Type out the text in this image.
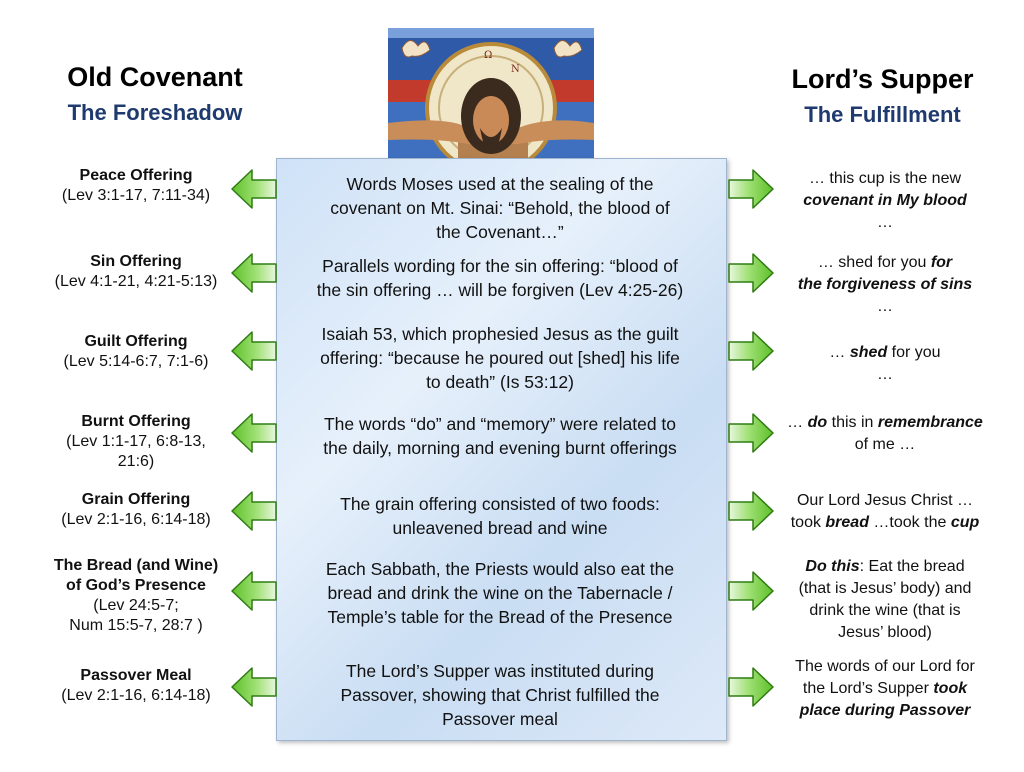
Old Covenant
The Foreshadow
Lord’s Supper
The Fulfillment
Ν
Ω
Peace Offering
(Lev 3:1-17, 7:11-34)
Words Moses used at the sealing of the
covenant on Mt. Sinai: “Behold, the blood of
the Covenant…”
… this cup is the new
covenant in My blood
…
Sin Offering
(Lev 4:1-21, 4:21-5:13)
Parallels wording for the sin offering: “blood of
the sin offering … will be forgiven (Lev 4:25-26)
… shed for you for
the forgiveness of sins
…
Guilt Offering
(Lev 5:14-6:7, 7:1-6)
Isaiah 53, which prophesied Jesus as the guilt
offering: “because he poured out [shed] his life
to death” (Is 53:12)
… shed for you
…
Burnt Offering
(Lev 1:1-17, 6:8-13,
21:6)
The words “do” and “memory” were related to
the daily, morning and evening burnt offerings
… do this in remembrance
of me …
Grain Offering
(Lev 2:1-16, 6:14-18)
The grain offering consisted of two foods:
unleavened bread and wine
Our Lord Jesus Christ …
took bread …took the cup
The Bread (and Wine)
of God’s Presence
(Lev 24:5-7;
Num 15:5-7, 28:7 )
Each Sabbath, the Priests would also eat the
bread and drink the wine on the Tabernacle /
Temple’s table for the Bread of the Presence
Do this: Eat the bread
(that is Jesus’ body) and
drink the wine (that is
Jesus’ blood)
Passover Meal
(Lev 2:1-16, 6:14-18)
The Lord’s Supper was instituted during
Passover, showing that Christ fulfilled the
Passover meal
The words of our Lord for
the Lord’s Supper took
place during Passover
